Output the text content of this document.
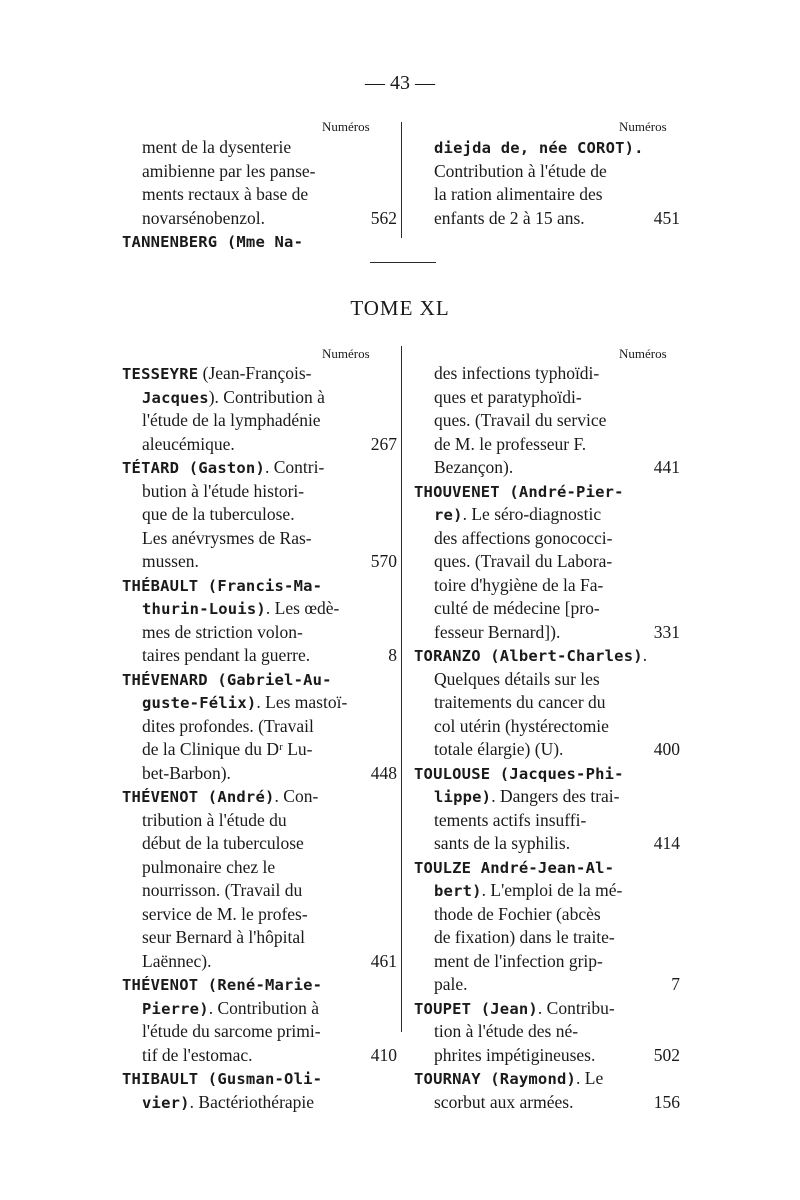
— 43 —
Numéros	Numéros
ment de la dysenterie
amibienne par les panse-
ments rectaux à base de
novarsénobenzol.	562
TANNENBERG (Mme Na-
diejda de, née COROT).
Contribution à l'étude de
la ration alimentaire des
enfants de 2 à 15 ans.	451
TOME XL
Numéros	Numéros
TESSEYRE (Jean-François-
Jacques). Contribution à
l'étude de la lymphadénie
aleucémique.	267
TÉTARD (Gaston). Contri-
bution à l'étude histori-
que de la tuberculose.
Les anévrysmes de Ras-
mussen.	570
THÉBAULT (Francis-Ma-
thurin-Louis). Les œdè-
mes de striction volon-
taires pendant la guerre.	8
THÉVENARD (Gabriel-Au-
guste-Félix). Les mastoï-
dites profondes. (Travail
de la Clinique du Dʳ Lu-
bet-Barbon).	448
THÉVENOT (André). Con-
tribution à l'étude du
début de la tuberculose
pulmonaire chez le
nourrisson. (Travail du
service de M. le profes-
seur Bernard à l'hôpital
Laënnec).	461
THÉVENOT (René-Marie-
Pierre). Contribution à
l'étude du sarcome primi-
tif de l'estomac.	410
THIBAULT (Gusman-Oli-
vier). Bactériothérapie
des infections typhoïdi-
ques et paratyphoïdi-
ques. (Travail du service
de M. le professeur F.
Bezançon).	441
THOUVENET (André-Pier-
re). Le séro-diagnostic
des affections gonococci-
ques. (Travail du Labora-
toire d'hygiène de la Fa-
culté de médecine [pro-
fesseur Bernard]).	331
TORANZO (Albert-Charles).
Quelques détails sur les
traitements du cancer du
col utérin (hystérectomie
totale élargie) (U).	400
TOULOUSE (Jacques-Phi-
lippe). Dangers des trai-
tements actifs insuffi-
sants de la syphilis.	414
TOULZE André-Jean-Al-
bert). L'emploi de la mé-
thode de Fochier (abcès
de fixation) dans le traite-
ment de l'infection grip-
pale.	7
TOUPET (Jean). Contribu-
tion à l'étude des né-
phrites impétigineuses.	502
TOURNAY (Raymond). Le
scorbut aux armées.	156
